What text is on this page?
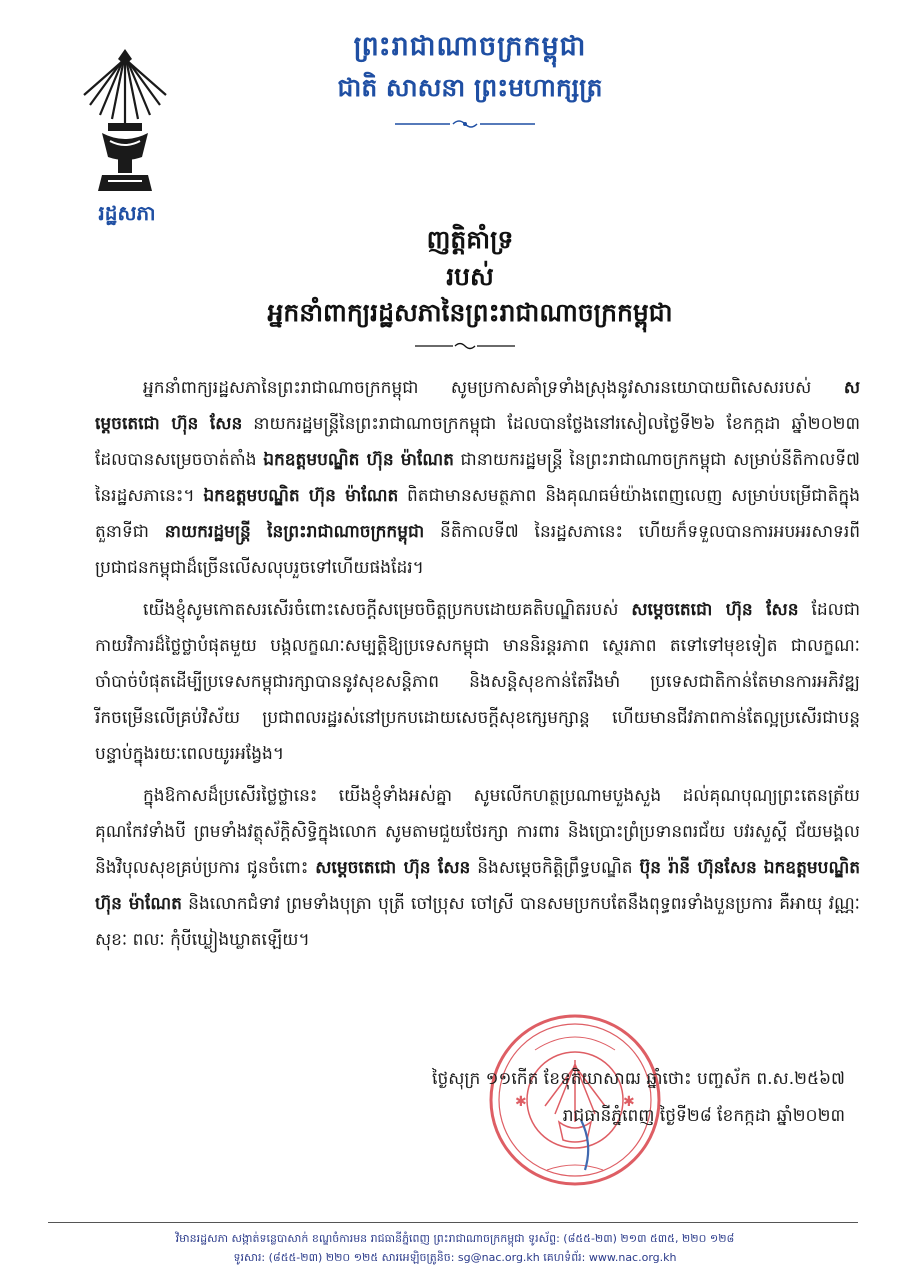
រដ្ឋសភា
ព្រះរាជាណាចក្រកម្ពុជា
ជាតិ សាសនា ព្រះមហាក្សត្រ
ញត្តិគាំទ្រ
របស់
អ្នកនាំពាក្យរដ្ឋសភានៃព្រះរាជាណាចក្រកម្ពុជា

អ្នកនាំពាក្យរដ្ឋសភានៃព្រះរាជាណាចក្រកម្ពុជា សូមប្រកាសគាំទ្រទាំងស្រុងនូវសារនយោបាយពិសេសរបស់ សម្តេចតេជោ ហ៊ុន សែន នាយករដ្ឋមន្ត្រីនៃព្រះរាជាណាចក្រកម្ពុជា ដែលបានថ្លែងនៅរសៀលថ្ងៃទី២៦ ខែកក្កដា ឆ្នាំ២០២៣ ដែលបានសម្រេចចាត់តាំង ឯកឧត្តមបណ្ឌិត ហ៊ុន ម៉ាណែត ជានាយករដ្ឋមន្ត្រី នៃព្រះរាជាណាចក្រកម្ពុជា សម្រាប់នីតិកាលទី៧ នៃរដ្ឋសភានេះ។ ឯកឧត្តមបណ្ឌិត ហ៊ុន ម៉ាណែត ពិតជាមានសមត្ថភាព និងគុណធម៌យ៉ាងពេញលេញ សម្រាប់បម្រើជាតិក្នុងតួនាទីជា នាយករដ្ឋមន្ត្រី នៃព្រះរាជាណាចក្រកម្ពុជា នីតិកាលទី៧ នៃរដ្ឋសភានេះ ហើយក៏ទទួលបានការអបអរសាទរពីប្រជាជនកម្ពុជាដ៏ច្រើនលើសលុបរួចទៅហើយផងដែរ។

យើងខ្ញុំសូមកោតសរសើរចំពោះសេចក្តីសម្រេចចិត្តប្រកបដោយគតិបណ្ឌិតរបស់ សម្តេចតេជោ ហ៊ុន សែន ដែលជាកាយវិការដ៏ថ្លៃថ្លាបំផុតមួយ បង្កលក្ខណៈសម្បត្តិឱ្យប្រទេសកម្ពុជា មាននិរន្តរភាព ស្ថេរភាព តទៅទៅមុខទៀត ជាលក្ខណៈចាំបាច់បំផុតដើម្បីប្រទេសកម្ពុជារក្សាបាននូវសុខសន្តិភាព និងសន្តិសុខកាន់តែរឹងមាំ ប្រទេសជាតិកាន់តែមានការអភិវឌ្ឍរីកចម្រើនលើគ្រប់វិស័យ ប្រជាពលរដ្ឋរស់នៅប្រកបដោយសេចក្តីសុខក្សេមក្សាន្ត ហើយមានជីវភាពកាន់តែល្អប្រសើរជាបន្តបន្ទាប់ក្នុងរយៈពេលយូរអង្វែង។

ក្នុងឱកាសដ៏ប្រសើរថ្លៃថ្លានេះ យើងខ្ញុំទាំងអស់គ្នា សូមលើកហត្ថប្រណាមបួងសួង ដល់គុណបុណ្យព្រះតេនត្រ័យ គុណកែវទាំងបី ព្រមទាំងវត្ថុស័ក្តិសិទ្ធិក្នុងលោក សូមតាមជួយថែរក្សា ការពារ និងប្រោះព្រំប្រទានពរជ័យ បវរសួស្តី ជ័យមង្គលនិងវិបុលសុខគ្រប់ប្រការ ជូនចំពោះ សម្តេចតេជោ ហ៊ុន សែន និងសម្តេចកិត្តិព្រឹទ្ធបណ្ឌិត ប៊ុន រ៉ានី ហ៊ុនសែន ឯកឧត្តមបណ្ឌិត ហ៊ុន ម៉ាណែត និងលោកជំទាវ ព្រមទាំងបុត្រា បុត្រី ចៅប្រុស ចៅស្រី បានសមប្រកបតែនឹងពុទ្ធពរទាំងបួនប្រការ គឺអាយុ វណ្ណៈ សុខៈ ពលៈ កុំបីឃ្លៀងឃ្លាតឡើយ។

✱	✱
ថ្ងៃសុក្រ ១១កើត ខែទុតិយាសាឍ ឆ្នាំថោះ បញ្ចស័ក ព.ស.២៥៦៧
រាជធានីភ្នំពេញ ថ្ងៃទី២៨ ខែកក្កដា ឆ្នាំ២០២៣
វិមានរដ្ឋសភា សង្កាត់ទន្លេបាសាក់ ខណ្ឌចំការមន រាជធានីភ្នំពេញ ព្រះរាជាណាចក្រកម្ពុជា ទូរស័ព្ទ: (៨៥៥-២៣) ២១៣ ៥៣៥, ២២០ ១២៨
ទូរសារ: (៨៥៥-២៣) ២២០ ១២៥ សារអេឡិចត្រូនិច: sg@nac.org.kh គេហទំព័រ: www.nac.org.kh
